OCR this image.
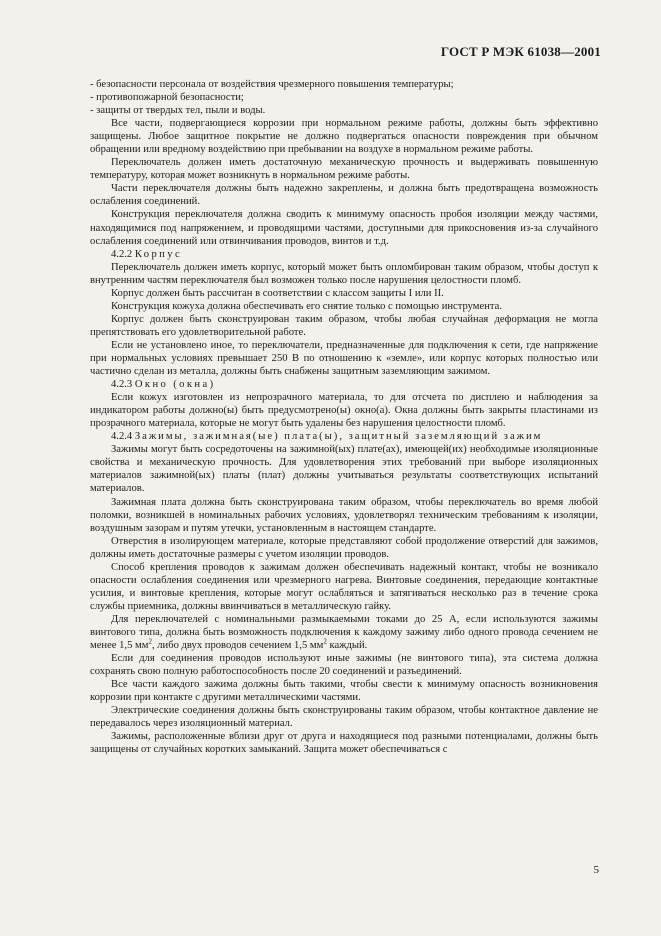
ГОСТ Р МЭК 61038—2001

- безопасности персонала от воздействия чрезмерного повышения температуры;

- противопожарной безопасности;

- защиты от твердых тел, пыли и воды.

Все части, подвергающиеся коррозии при нормальном режиме работы, должны быть эффективно защищены. Любое защитное покрытие не должно подвергаться опасности повреждения при обычном обращении или вредному воздействию при пребывании на воздухе в нормальном режиме работы.

Переключатель должен иметь достаточную механическую прочность и выдерживать повышенную температуру, которая может возникнуть в нормальном режиме работы.

Части переключателя должны быть надежно закреплены, и должна быть предотвращена возможность ослабления соединений.

Конструкция переключателя должна сводить к минимуму опасность пробоя изоляции между частями, находящимися под напряжением, и проводящими частями, доступными для прикосновения из-за случайного ослабления соединений или отвинчивания проводов, винтов и т.д.

4.2.2 Корпус

Переключатель должен иметь корпус, который может быть опломбирован таким образом, чтобы доступ к внутренним частям переключателя был возможен только после нарушения целостности пломб.

Корпус должен быть рассчитан в соответствии с классом защиты I или II.

Конструкция кожуха должна обеспечивать его снятие только с помощью инструмента.

Корпус должен быть сконструирован таким образом, чтобы любая случайная деформация не могла препятствовать его удовлетворительной работе.

Если не установлено иное, то переключатели, предназначенные для подключения к сети, где напряжение при нормальных условиях превышает 250 В по отношению к «земле», или корпус которых полностью или частично сделан из металла, должны быть снабжены защитным заземляющим зажимом.

4.2.3 Окно (окна)

Если кожух изготовлен из непрозрачного материала, то для отсчета по дисплею и наблюдения за индикатором работы должно(ы) быть предусмотрено(ы) окно(а). Окна должны быть закрыты пластинами из прозрачного материала, которые не могут быть удалены без нарушения целостности пломб.

4.2.4 Зажимы, зажимная(ые) плата(ы), защитный заземляющий зажим

Зажимы могут быть сосредоточены на зажимной(ых) плате(ах), имеющей(их) необходимые изоляционные свойства и механическую прочность. Для удовлетворения этих требований при выборе изоляционных материалов зажимной(ых) платы (плат) должны учитываться результаты соответствующих испытаний материалов.

Зажимная плата должна быть сконструирована таким образом, чтобы переключатель во время любой поломки, возникшей в номинальных рабочих условиях, удовлетворял техническим требованиям к изоляции, воздушным зазорам и путям утечки, установленным в настоящем стандарте.

Отверстия в изолирующем материале, которые представляют собой продолжение отверстий для зажимов, должны иметь достаточные размеры с учетом изоляции проводов.

Способ крепления проводов к зажимам должен обеспечивать надежный контакт, чтобы не возникало опасности ослабления соединения или чрезмерного нагрева. Винтовые соединения, передающие контактные усилия, и винтовые крепления, которые могут ослабляться и затягиваться несколько раз в течение срока службы приемника, должны ввинчиваться в металлическую гайку.

Для переключателей с номинальными размыкаемыми токами до 25 А, если используются зажимы винтового типа, должна быть возможность подключения к каждому зажиму либо одного провода сечением не менее 1,5 $мм^2$, либо двух проводов сечением 1,5 $мм^2$ каждый.

Если для соединения проводов используют иные зажимы (не винтового типа), эта система должна сохранять свою полную работоспособность после 20 соединений и разъединений.

Все части каждого зажима должны быть такими, чтобы свести к минимуму опасность возникновения коррозии при контакте с другими металлическими частями.

Электрические соединения должны быть сконструированы таким образом, чтобы контактное давление не передавалось через изоляционный материал.

Зажимы, расположенные вблизи друг от друга и находящиеся под разными потенциалами, должны быть защищены от случайных коротких замыканий. Защита может обеспечиваться с

5
